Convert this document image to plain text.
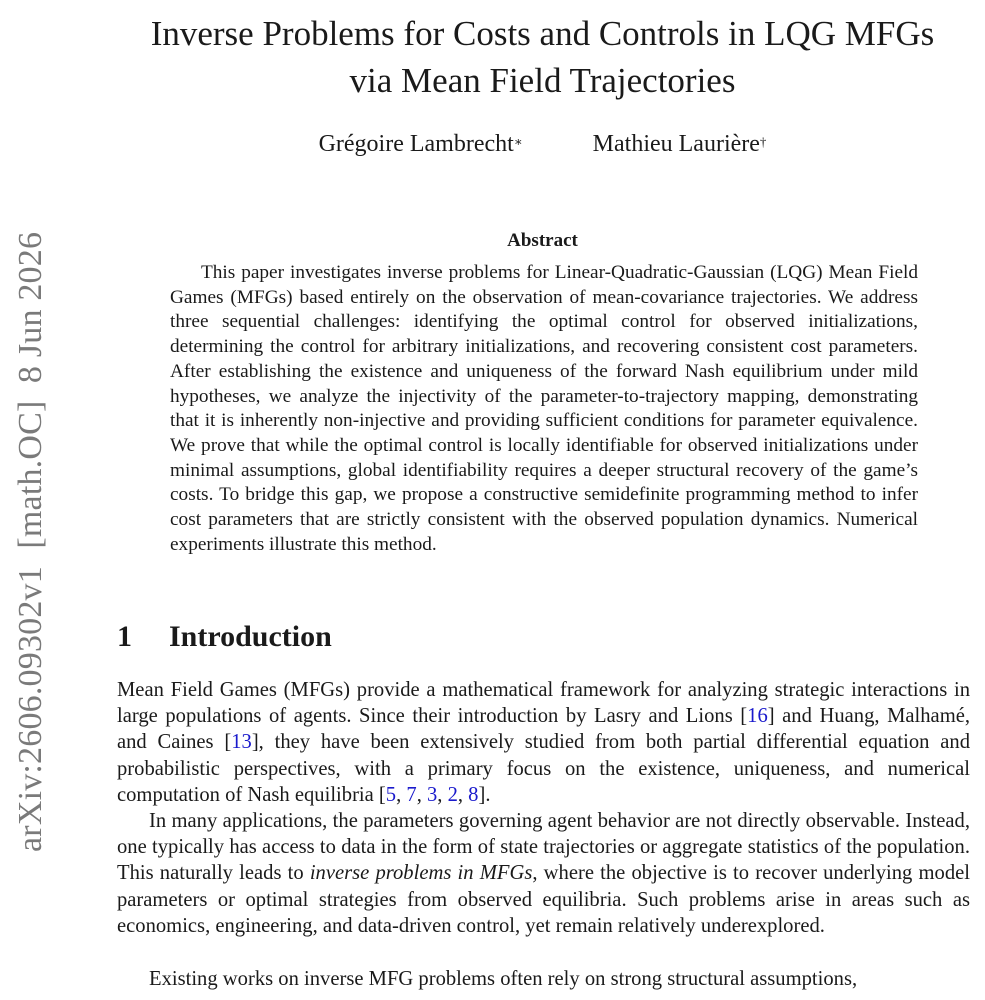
arXiv:2606.09302v1  [math.OC]  8 Jun 2026
Inverse Problems for Costs and Controls in LQG MFGs
via Mean Field Trajectories
Grégoire Lambrecht∗	Mathieu Laurière†
Abstract
This paper investigates inverse problems for Linear-Quadratic-Gaussian (LQG) Mean Field Games (MFGs) based entirely on the observation of mean-covariance trajectories. We address three sequential challenges: identifying the optimal control for observed initializations, determining the control for arbitrary initializations, and recovering consistent cost parameters. After establishing the existence and uniqueness of the forward Nash equilibrium under mild hypotheses, we analyze the injectivity of the parameter-to-trajectory mapping, demonstrating that it is inherently non-injective and providing sufficient conditions for parameter equivalence. We prove that while the optimal control is locally identifiable for observed initializations under minimal assumptions, global identifiability requires a deeper structural recovery of the game’s costs. To bridge this gap, we propose a constructive semidefinite programming method to infer cost parameters that are strictly consistent with the observed population dynamics. Numerical experiments illustrate this method.
1 Introduction
Mean Field Games (MFGs) provide a mathematical framework for analyzing strategic interactions in large populations of agents. Since their introduction by Lasry and Lions [16] and Huang, Malhamé, and Caines [13], they have been extensively studied from both partial differential equation and probabilistic perspectives, with a primary focus on the existence, uniqueness, and numerical computation of Nash equilibria [5, 7, 3, 2, 8].
In many applications, the parameters governing agent behavior are not directly observable. Instead, one typically has access to data in the form of state trajectories or aggregate statistics of the population. This naturally leads to inverse problems in MFGs, where the objective is to recover underlying model parameters or optimal strategies from observed equilibria. Such problems arise in areas such as economics, engineering, and data-driven control, yet remain relatively underexplored.
Existing works on inverse MFG problems often rely on strong structural assumptions,
